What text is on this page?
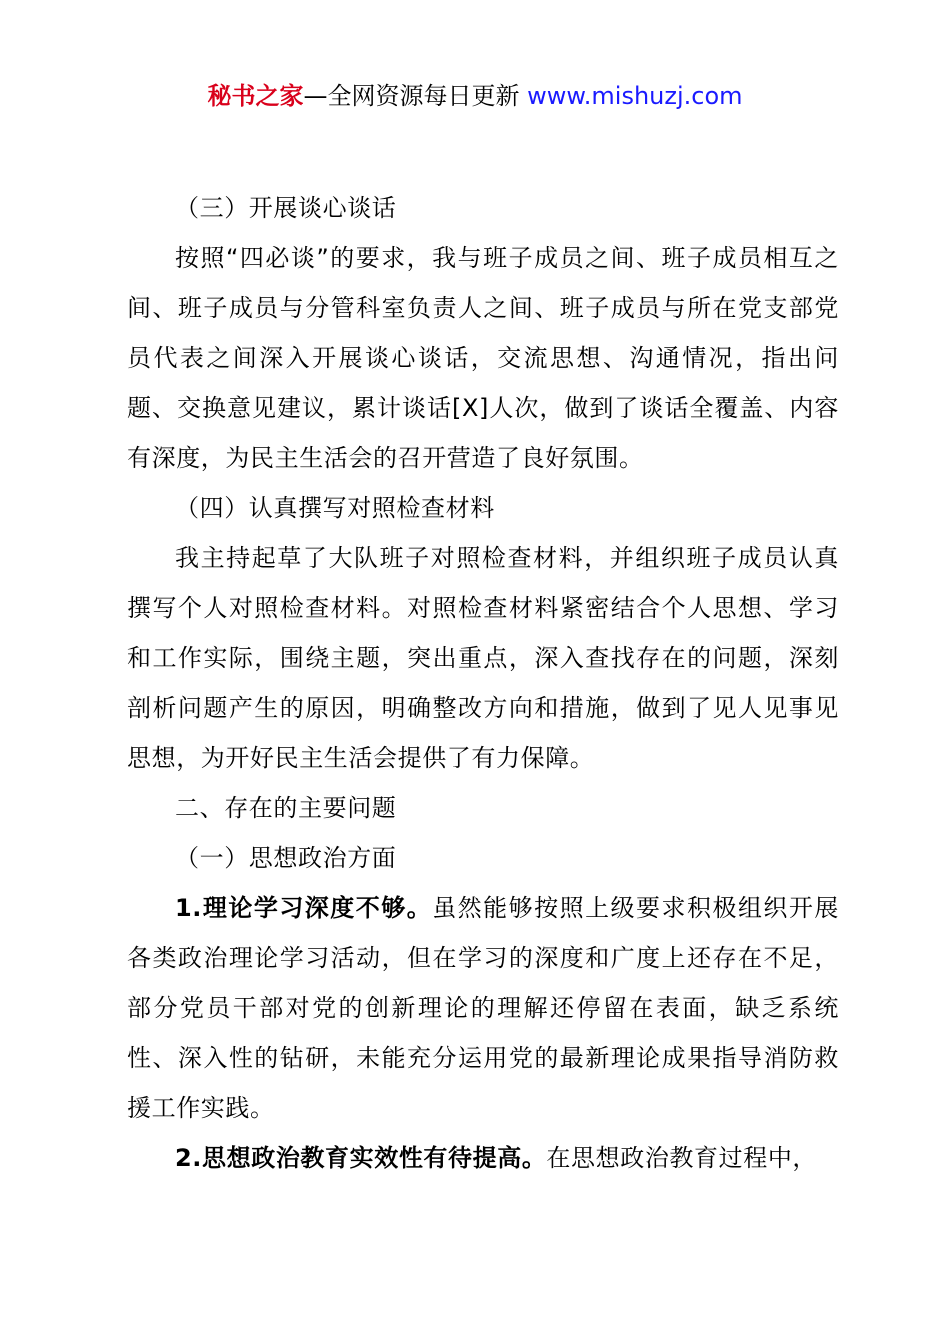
秘书之家—全网资源每日更新 www.mishuzj.com

（三）开展谈心谈话

按照“四必谈”的要求，我与班子成员之间、班子成员相互之间、班子成员与分管科室负责人之间、班子成员与所在党支部党员代表之间深入开展谈心谈话，交流思想、沟通情况，指出问题、交换意见建议，累计谈话[X]人次，做到了谈话全覆盖、内容有深度，为民主生活会的召开营造了良好氛围。

（四）认真撰写对照检查材料

我主持起草了大队班子对照检查材料，并组织班子成员认真撰写个人对照检查材料。对照检查材料紧密结合个人思想、学习和工作实际，围绕主题，突出重点，深入查找存在的问题，深刻剖析问题产生的原因，明确整改方向和措施，做到了见人见事见思想，为开好民主生活会提供了有力保障。

二、存在的主要问题

（一）思想政治方面

1.理论学习深度不够。虽然能够按照上级要求积极组织开展各类政治理论学习活动，但在学习的深度和广度上还存在不足，部分党员干部对党的创新理论的理解还停留在表面，缺乏系统性、深入性的钻研，未能充分运用党的最新理论成果指导消防救援工作实践。

2.思想政治教育实效性有待提高。在思想政治教育过程中，
